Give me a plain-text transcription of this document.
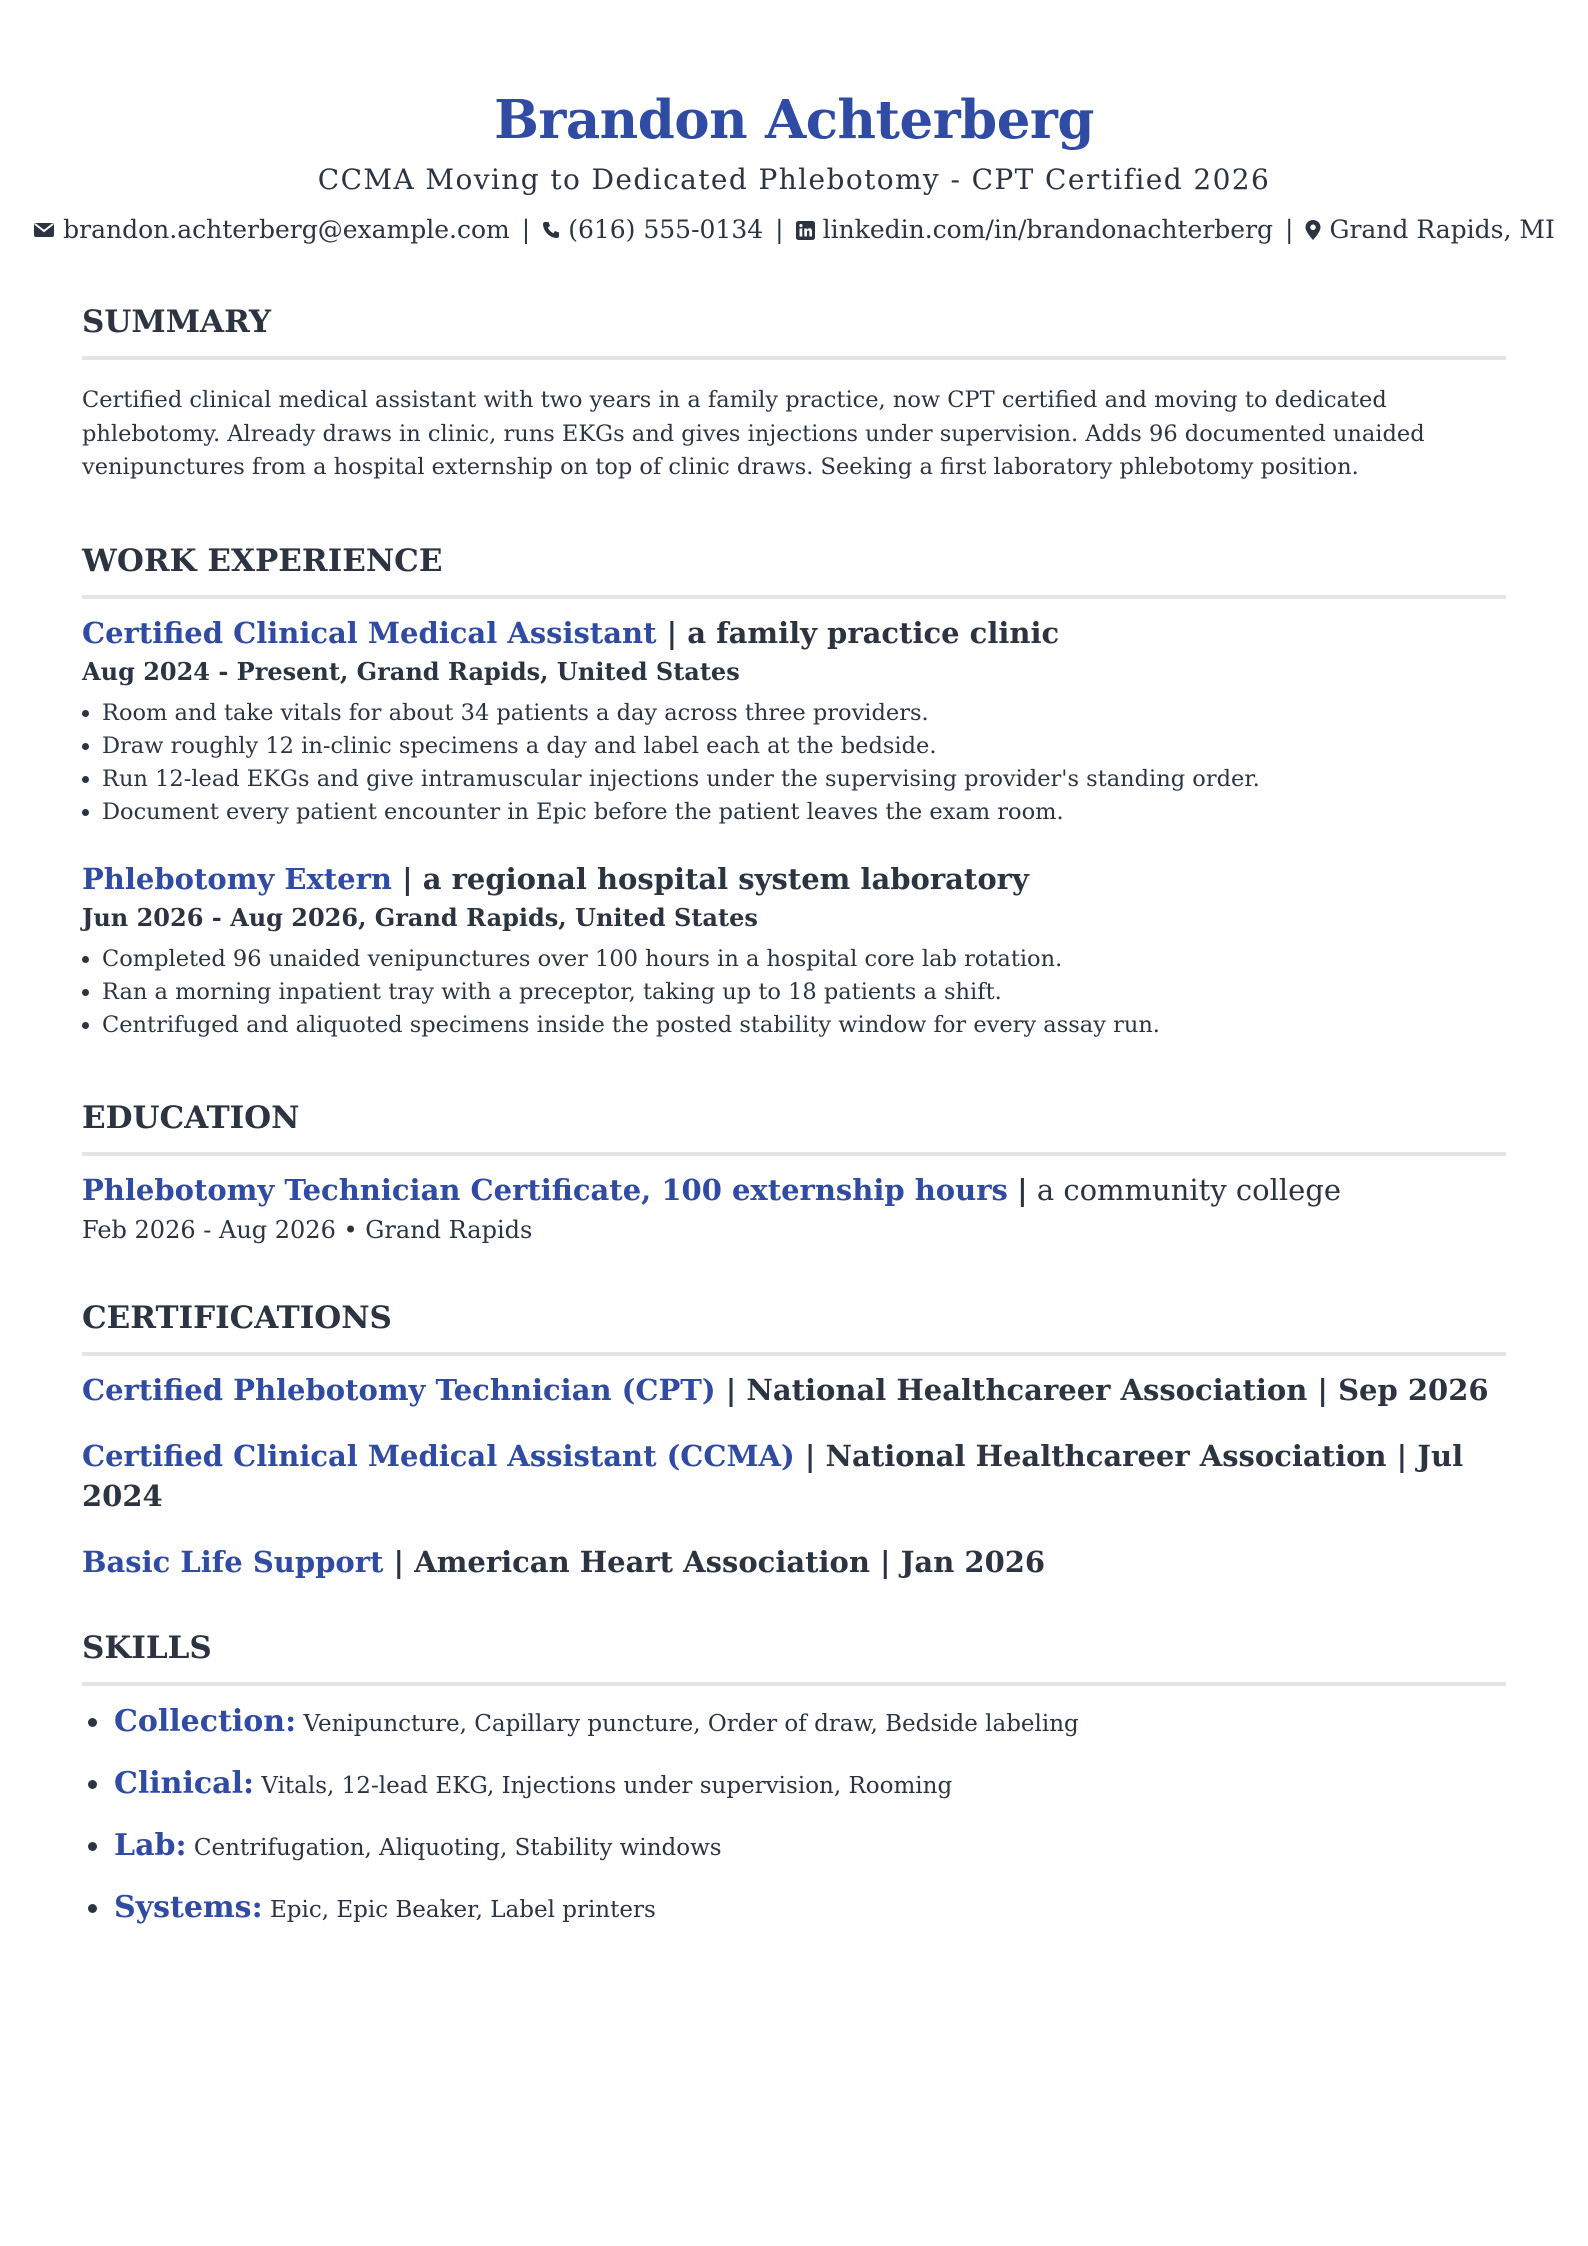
Brandon Achterberg
CCMA Moving to Dedicated Phlebotomy - CPT Certified 2026
brandon.achterberg@example.com | (616) 555-0134 | linkedin.com/in/brandonachterberg | Grand Rapids, MI
SUMMARY
Certified clinical medical assistant with two years in a family practice, now CPT certified and moving to dedicated phlebotomy. Already draws in clinic, runs EKGs and gives injections under supervision. Adds 96 documented unaided venipunctures from a hospital externship on top of clinic draws. Seeking a first laboratory phlebotomy position.
WORK EXPERIENCE
Certified Clinical Medical Assistant | a family practice clinic
Aug 2024 - Present, Grand Rapids, United States
• Room and take vitals for about 34 patients a day across three providers.
• Draw roughly 12 in-clinic specimens a day and label each at the bedside.
• Run 12-lead EKGs and give intramuscular injections under the supervising provider's standing order.
• Document every patient encounter in Epic before the patient leaves the exam room.
Phlebotomy Extern | a regional hospital system laboratory
Jun 2026 - Aug 2026, Grand Rapids, United States
• Completed 96 unaided venipunctures over 100 hours in a hospital core lab rotation.
• Ran a morning inpatient tray with a preceptor, taking up to 18 patients a shift.
• Centrifuged and aliquoted specimens inside the posted stability window for every assay run.
EDUCATION
Phlebotomy Technician Certificate, 100 externship hours | a community college
Feb 2026 - Aug 2026 • Grand Rapids
CERTIFICATIONS
Certified Phlebotomy Technician (CPT) | National Healthcareer Association | Sep 2026
Certified Clinical Medical Assistant (CCMA) | National Healthcareer Association | Jul 2024
Basic Life Support | American Heart Association | Jan 2026
SKILLS
Collection: Venipuncture, Capillary puncture, Order of draw, Bedside labeling
Clinical: Vitals, 12-lead EKG, Injections under supervision, Rooming
Lab: Centrifugation, Aliquoting, Stability windows
Systems: Epic, Epic Beaker, Label printers
